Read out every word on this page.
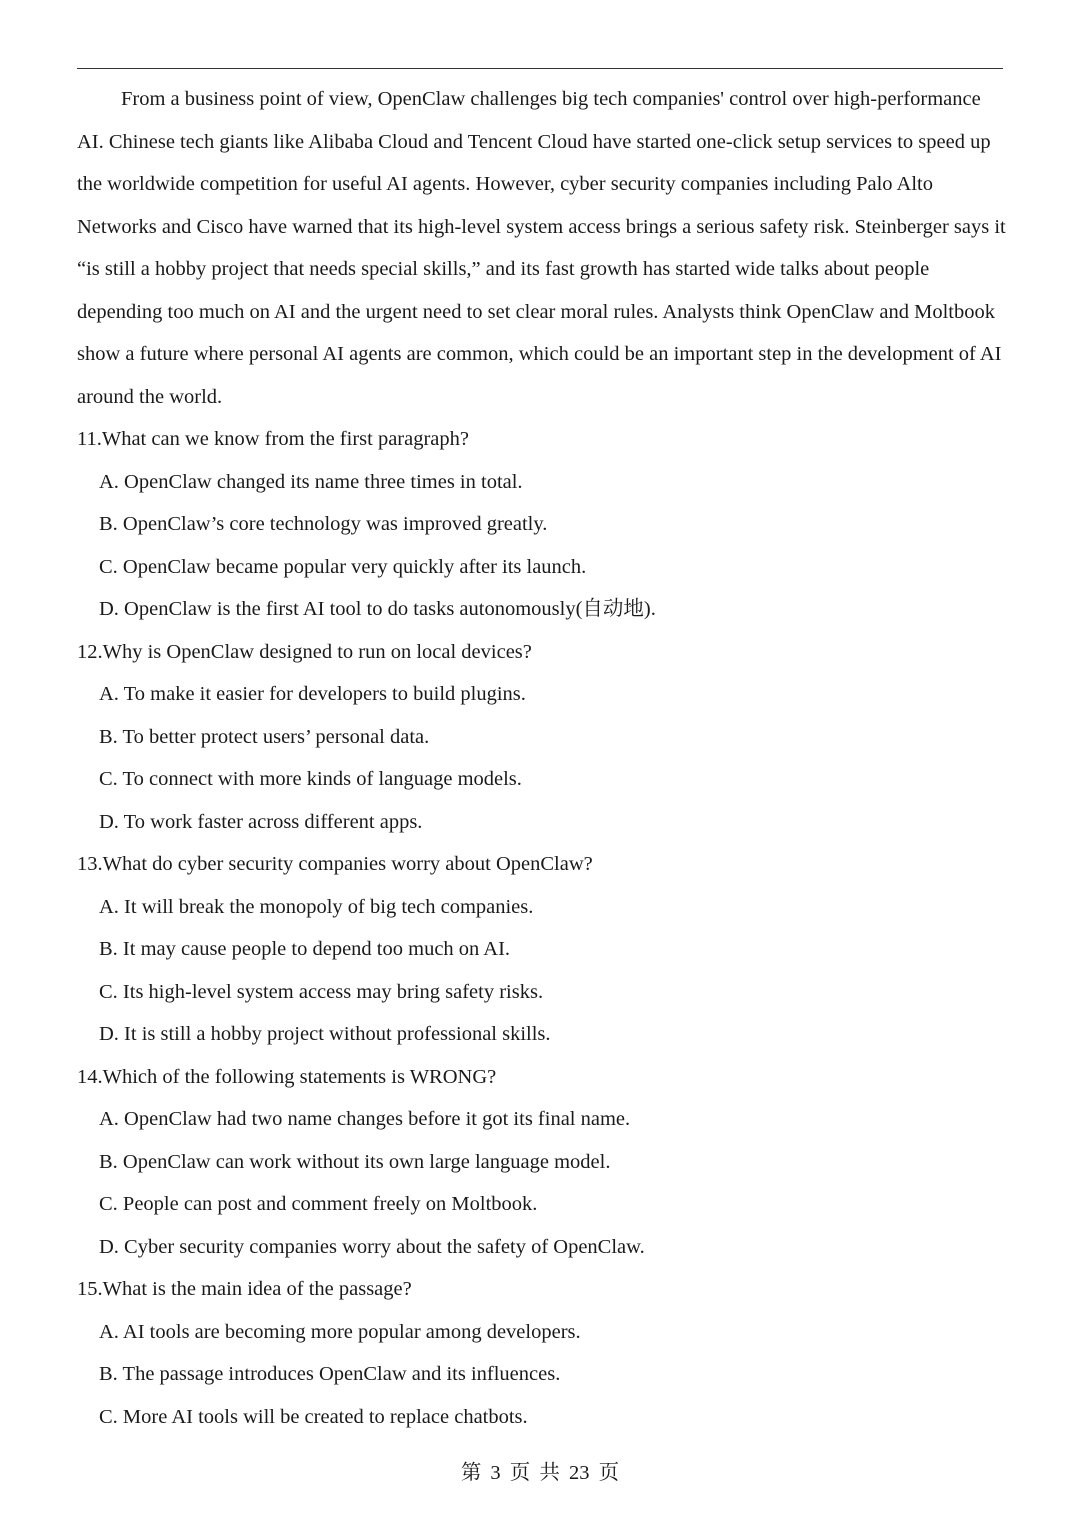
From a business point of view, OpenClaw challenges big tech companies' control over high-performance AI. Chinese tech giants like Alibaba Cloud and Tencent Cloud have started one-click setup services to speed up the worldwide competition for useful AI agents. However, cyber security companies including Palo Alto Networks and Cisco have warned that its high-level system access brings a serious safety risk. Steinberger says it “is still a hobby project that needs special skills,” and its fast growth has started wide talks about people depending too much on AI and the urgent need to set clear moral rules. Analysts think OpenClaw and Moltbook show a future where personal AI agents are common, which could be an important step in the development of AI around the world.

11.What can we know from the first paragraph?

A. OpenClaw changed its name three times in total.

B. OpenClaw’s core technology was improved greatly.

C. OpenClaw became popular very quickly after its launch.

D. OpenClaw is the first AI tool to do tasks autonomously(自动地).

12.Why is OpenClaw designed to run on local devices?

A. To make it easier for developers to build plugins.

B. To better protect users’ personal data.

C. To connect with more kinds of language models.

D. To work faster across different apps.

13.What do cyber security companies worry about OpenClaw?

A. It will break the monopoly of big tech companies.

B. It may cause people to depend too much on AI.

C. Its high-level system access may bring safety risks.

D. It is still a hobby project without professional skills.

14.Which of the following statements is WRONG?

A. OpenClaw had two name changes before it got its final name.

B. OpenClaw can work without its own large language model.

C. People can post and comment freely on Moltbook.

D. Cyber security companies worry about the safety of OpenClaw.

15.What is the main idea of the passage?

A. AI tools are becoming more popular among developers.

B. The passage introduces OpenClaw and its influences.

C. More AI tools will be created to replace chatbots.

第 3 页 共 23 页
